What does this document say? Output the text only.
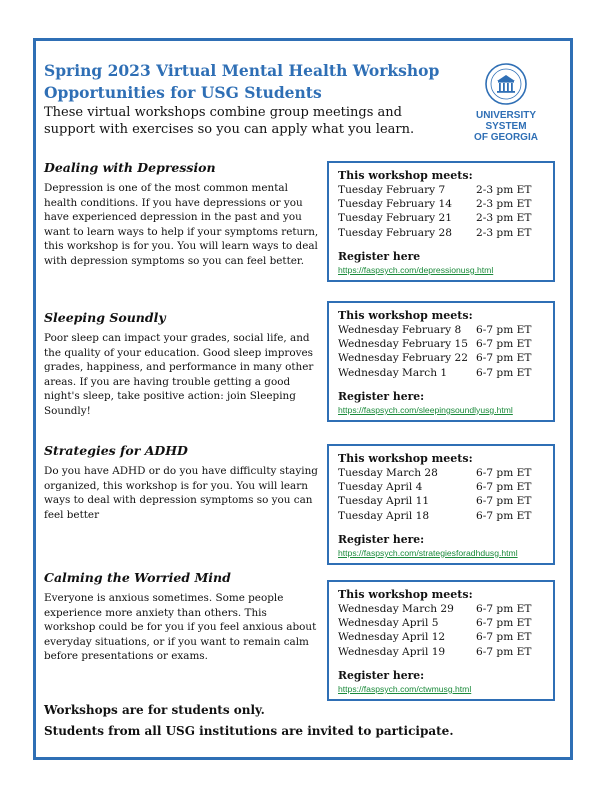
Spring 2023 Virtual Mental Health Workshop
Opportunities for USG Students
These virtual workshops combine group meetings and support with exercises so you can apply what you learn.
UNIVERSITY SYSTEM
OF GEORGIA
Dealing with Depression

Depression is one of the most common mental health conditions. If you have depressions or you have experienced depression in the past and you want to learn ways to help if your symptoms return, this workshop is for you. You will learn ways to deal with depression symptoms so you can feel better.

This workshop meets:
Tuesday February 7	2-3 pm ET
Tuesday February 14	2-3 pm ET
Tuesday February 21	2-3 pm ET
Tuesday February 28	2-3 pm ET
Register here
https://faspsych.com/depressionusg.html
Sleeping Soundly

Poor sleep can impact your grades, social life, and the quality of your education. Good sleep improves grades, happiness, and performance in many other areas. If you are having trouble getting a good night's sleep, take positive action: join Sleeping Soundly!

This workshop meets:
Wednesday February 8	6-7 pm ET
Wednesday February 15 6-7 pm ET
Wednesday February 22 6-7 pm ET
Wednesday March 1	6-7 pm ET
Register here:
https://faspsych.com/sleepingsoundlyusg.html
Strategies for ADHD

Do you have ADHD or do you have difficulty staying organized, this workshop is for you. You will learn ways to deal with depression symptoms so you can feel better

This workshop meets:
Tuesday March 28	6-7 pm ET
Tuesday April 4	6-7 pm ET
Tuesday April 11	6-7 pm ET
Tuesday April 18	6-7 pm ET
Register here:
https://faspsych.com/strategiesforadhdusg.html
Calming the Worried Mind

Everyone is anxious sometimes. Some people experience more anxiety than others. This workshop could be for you if you feel anxious about everyday situations, or if you want to remain calm before presentations or exams.

This workshop meets:
Wednesday March 29	6-7 pm ET
Wednesday April 5	6-7 pm ET
Wednesday April 12	6-7 pm ET
Wednesday April 19	6-7 pm ET
Register here:
https://faspsych.com/ctwmusg.html

Workshops are for students only.

Students from all USG institutions are invited to participate.
